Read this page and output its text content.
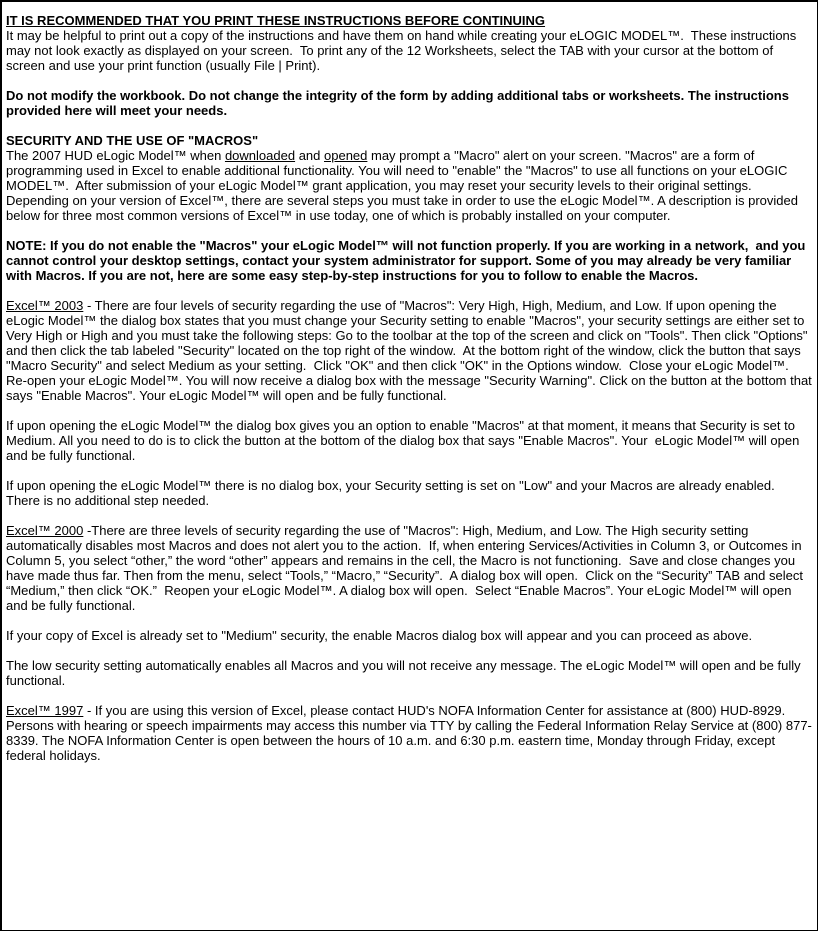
IT IS RECOMMENDED THAT YOU PRINT THESE INSTRUCTIONS BEFORE CONTINUING
It may be helpful to print out a copy of the instructions and have them on hand while creating your eLOGIC MODEL™.  These instructions may not look exactly as displayed on your screen.  To print any of the 12 Worksheets, select the TAB with your cursor at the bottom of screen and use your print function (usually File | Print).

Do not modify the workbook. Do not change the integrity of the form by adding additional tabs or worksheets. The instructions provided here will meet your needs.

SECURITY AND THE USE OF "MACROS"
The 2007 HUD eLogic Model™ when downloaded and opened may prompt a "Macro" alert on your screen. "Macros" are a form of programming used in Excel to enable additional functionality. You will need to "enable" the "Macros" to use all functions on your eLOGIC MODEL™.  After submission of your eLogic Model™ grant application, you may reset your security levels to their original settings. Depending on your version of Excel™, there are several steps you must take in order to use the eLogic Model™. A description is provided below for three most common versions of Excel™ in use today, one of which is probably installed on your computer.

NOTE: If you do not enable the "Macros" your eLogic Model™ will not function properly. If you are working in a network,  and you cannot control your desktop settings, contact your system administrator for support. Some of you may already be very familiar with Macros. If you are not, here are some easy step-by-step instructions for you to follow to enable the Macros.

Excel™ 2003 - There are four levels of security regarding the use of "Macros": Very High, High, Medium, and Low. If upon opening the eLogic Model™ the dialog box states that you must change your Security setting to enable "Macros", your security settings are either set to Very High or High and you must take the following steps: Go to the toolbar at the top of the screen and click on "Tools". Then click "Options" and then click the tab labeled "Security" located on the top right of the window.  At the bottom right of the window, click the button that says "Macro Security" and select Medium as your setting.  Click "OK" and then click "OK" in the Options window.  Close your eLogic Model™.  Re-open your eLogic Model™. You will now receive a dialog box with the message "Security Warning". Click on the button at the bottom that says "Enable Macros". Your eLogic Model™ will open and be fully functional.

If upon opening the eLogic Model™ the dialog box gives you an option to enable "Macros" at that moment, it means that Security is set to Medium. All you need to do is to click the button at the bottom of the dialog box that says "Enable Macros". Your  eLogic Model™ will open and be fully functional.

If upon opening the eLogic Model™ there is no dialog box, your Security setting is set on "Low" and your Macros are already enabled. There is no additional step needed.

Excel™ 2000 -There are three levels of security regarding the use of "Macros": High, Medium, and Low. The High security setting automatically disables most Macros and does not alert you to the action.  If, when entering Services/Activities in Column 3, or Outcomes in Column 5, you select “other,” the word “other” appears and remains in the cell, the Macro is not functioning.  Save and close changes you have made thus far. Then from the menu, select “Tools,” “Macro,” “Security”.  A dialog box will open.  Click on the “Security” TAB and select “Medium,” then click “OK.”  Reopen your eLogic Model™. A dialog box will open.  Select “Enable Macros”. Your eLogic Model™ will open and be fully functional.

If your copy of Excel is already set to "Medium" security, the enable Macros dialog box will appear and you can proceed as above.

The low security setting automatically enables all Macros and you will not receive any message. The eLogic Model™ will open and be fully functional.

Excel™ 1997 - If you are using this version of Excel, please contact HUD's NOFA Information Center for assistance at (800) HUD-8929. Persons with hearing or speech impairments may access this number via TTY by calling the Federal Information Relay Service at (800) 877-8339. The NOFA Information Center is open between the hours of 10 a.m. and 6:30 p.m. eastern time, Monday through Friday, except federal holidays.
